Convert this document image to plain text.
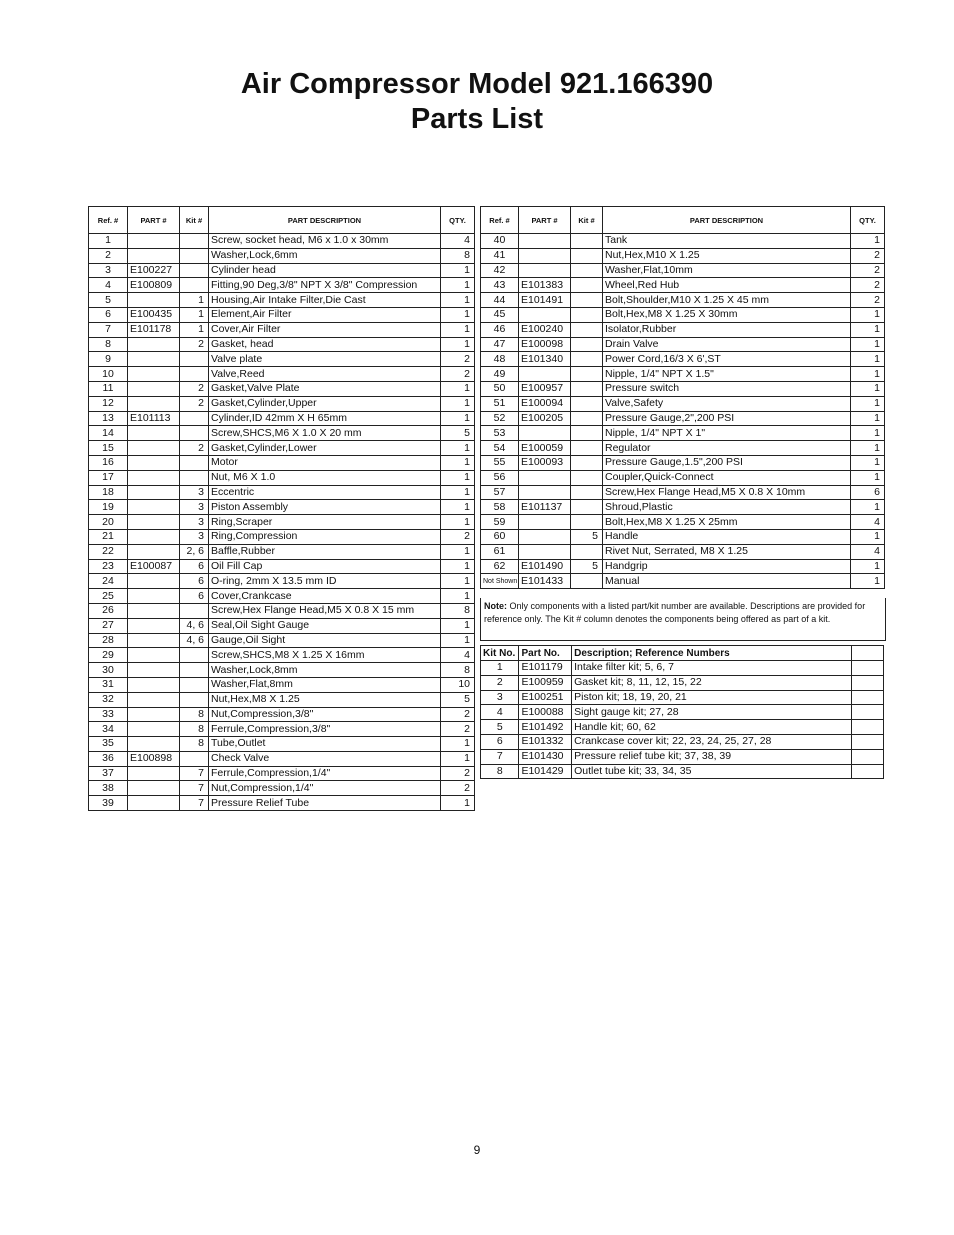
Air Compressor Model 921.166390
Parts List
Ref. #	PART #	Kit #	PART DESCRIPTION	QTY.
1			Screw, socket head, M6 x 1.0 x 30mm	4
2			Washer,Lock,6mm	8
3	E100227		Cylinder head	1
4	E100809		Fitting,90 Deg,3/8" NPT X 3/8" Compression	1
5		1	Housing,Air Intake Filter,Die Cast	1
6	E100435	1	Element,Air Filter	1
7	E101178	1	Cover,Air Filter	1
8		2	Gasket, head	1
9			Valve plate	2
10			Valve,Reed	2
11		2	Gasket,Valve Plate	1
12		2	Gasket,Cylinder,Upper	1
13	E101113		Cylinder,ID 42mm X H 65mm	1
14			Screw,SHCS,M6 X 1.0 X 20 mm	5
15		2	Gasket,Cylinder,Lower	1
16			Motor	1
17			Nut, M6 X 1.0	1
18		3	Eccentric	1
19		3	Piston Assembly	1
20		3	Ring,Scraper	1
21		3	Ring,Compression	2
22		2, 6	Baffle,Rubber	1
23	E100087	6	Oil Fill Cap	1
24		6	O-ring, 2mm X 13.5 mm ID	1
25		6	Cover,Crankcase	1
26			Screw,Hex Flange Head,M5 X 0.8 X 15 mm	8
27		4, 6	Seal,Oil Sight Gauge	1
28		4, 6	Gauge,Oil Sight	1
29			Screw,SHCS,M8 X 1.25 X 16mm	4
30			Washer,Lock,8mm	8
31			Washer,Flat,8mm	10
32			Nut,Hex,M8 X 1.25	5
33		8	Nut,Compression,3/8"	2
34		8	Ferrule,Compression,3/8"	2
35		8	Tube,Outlet	1
36	E100898		Check Valve	1
37		7	Ferrule,Compression,1/4"	2
38		7	Nut,Compression,1/4"	2
39		7	Pressure Relief Tube	1
Ref. #	PART #	Kit #	PART DESCRIPTION	QTY.
40			Tank	1
41			Nut,Hex,M10 X 1.25	2
42			Washer,Flat,10mm	2
43	E101383		Wheel,Red Hub	2
44	E101491		Bolt,Shoulder,M10 X 1.25 X 45 mm	2
45			Bolt,Hex,M8 X 1.25 X 30mm	1
46	E100240		Isolator,Rubber	1
47	E100098		Drain Valve	1
48	E101340		Power Cord,16/3 X 6',ST	1
49			Nipple, 1/4" NPT X 1.5"	1
50	E100957		Pressure switch	1
51	E100094		Valve,Safety	1
52	E100205		Pressure Gauge,2",200 PSI	1
53			Nipple, 1/4" NPT X 1"	1
54	E100059		Regulator	1
55	E100093		Pressure Gauge,1.5",200 PSI	1
56			Coupler,Quick-Connect	1
57			Screw,Hex Flange Head,M5 X 0.8 X 10mm	6
58	E101137		Shroud,Plastic	1
59			Bolt,Hex,M8 X 1.25 X 25mm	4
60		5	Handle	1
61			Rivet Nut, Serrated, M8 X 1.25	4
62	E101490	5	Handgrip	1
Not Shown	E101433		Manual	1
Note: Only components with a listed part/kit number are available. Descriptions are provided for reference only. The Kit # column denotes the components being offered as part of a kit.
Kit No.	Part No.	Description; Reference Numbers	
1	E101179	Intake filter kit; 5, 6, 7	
2	E100959	Gasket kit; 8, 11, 12, 15, 22	
3	E100251	Piston kit; 18, 19, 20, 21	
4	E100088	Sight gauge kit; 27, 28	
5	E101492	Handle kit; 60, 62	
6	E101332	Crankcase cover kit; 22, 23, 24, 25, 27, 28	
7	E101430	Pressure relief tube kit; 37, 38, 39	
8	E101429	Outlet tube kit; 33, 34, 35	
9
